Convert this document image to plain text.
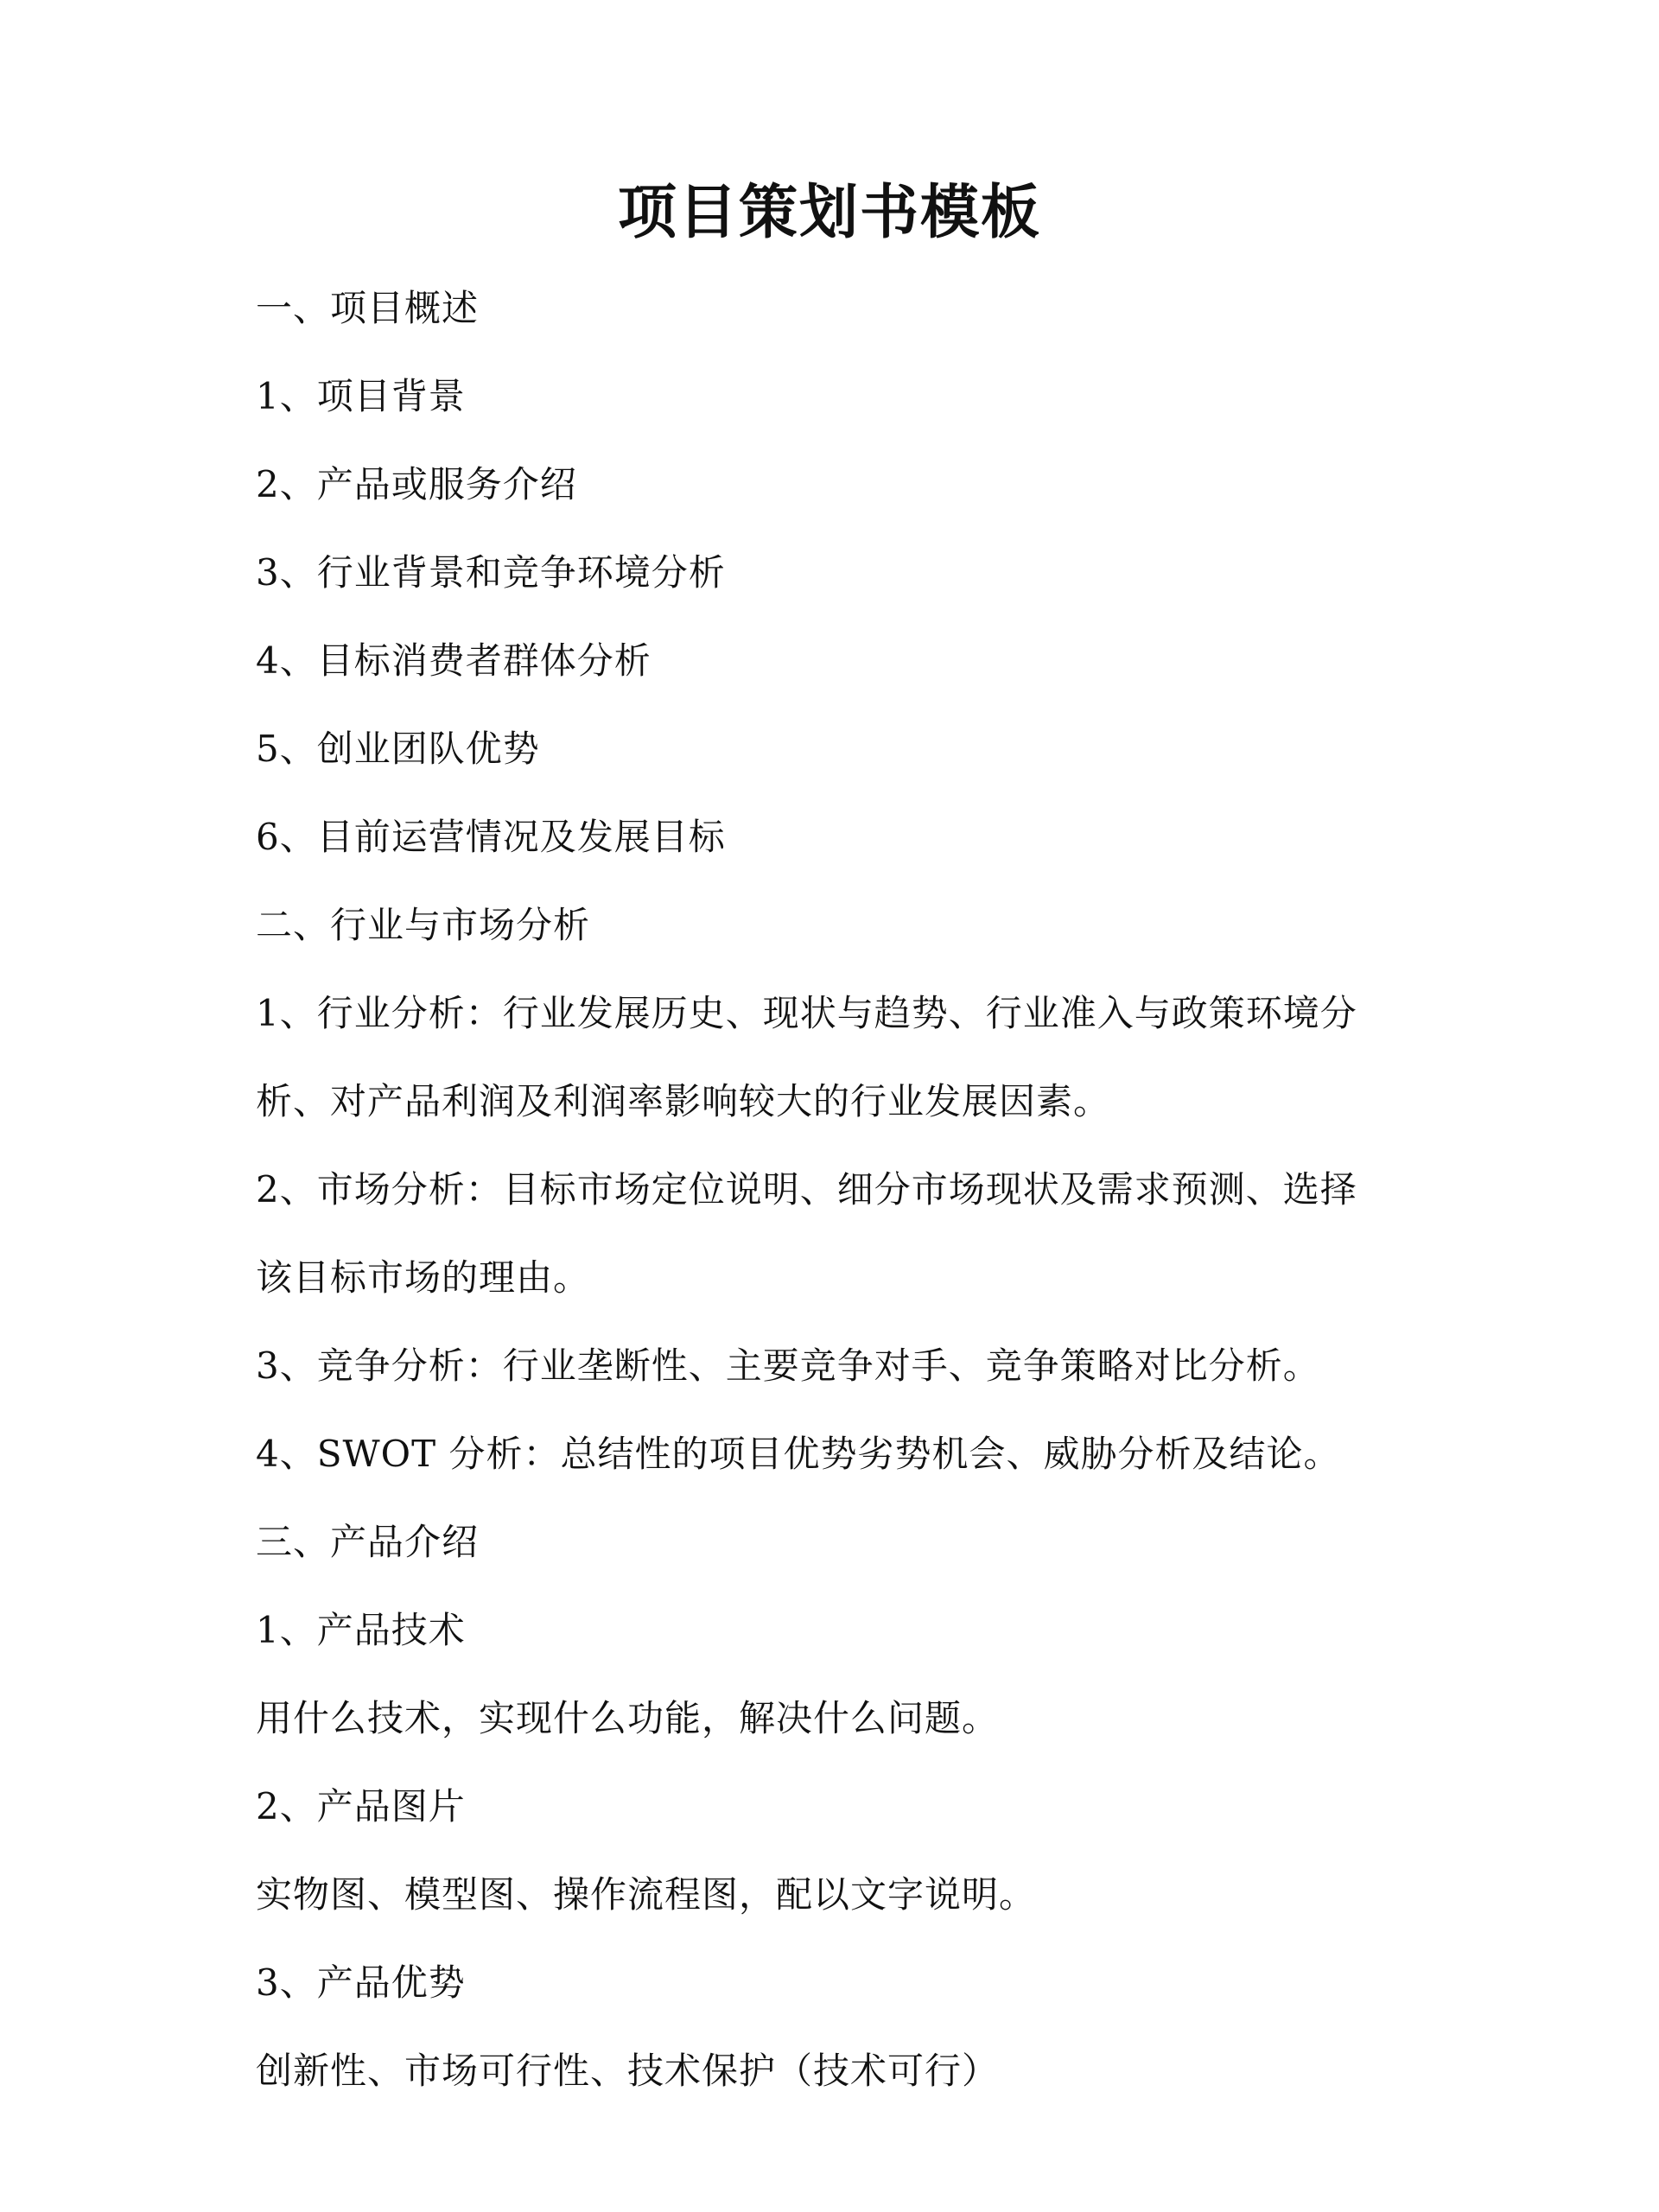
项目策划书模板
一、项目概述
1、项目背景
2、产品或服务介绍
3、行业背景和竞争环境分析
4、目标消费者群体分析
5、创业团队优势
6、目前运营情况及发展目标
二、行业与市场分析
1、行业分析：行业发展历史、现状与趋势、行业准入与政策环境分
析、对产品利润及利润率影响较大的行业发展因素。
2、市场分析：目标市场定位说明、细分市场现状及需求预测、选择
该目标市场的理由。
3、竞争分析：行业垄断性、主要竞争对手、竞争策略对比分析。
4、SWOT 分析：总结性的项目优势劣势机会、威胁分析及结论。
三、产品介绍
1、产品技术
用什么技术，实现什么功能，解决什么问题。
2、产品图片
实物图、模型图、操作流程图，配以文字说明。
3、产品优势
创新性、市场可行性、技术保护（技术可行）
